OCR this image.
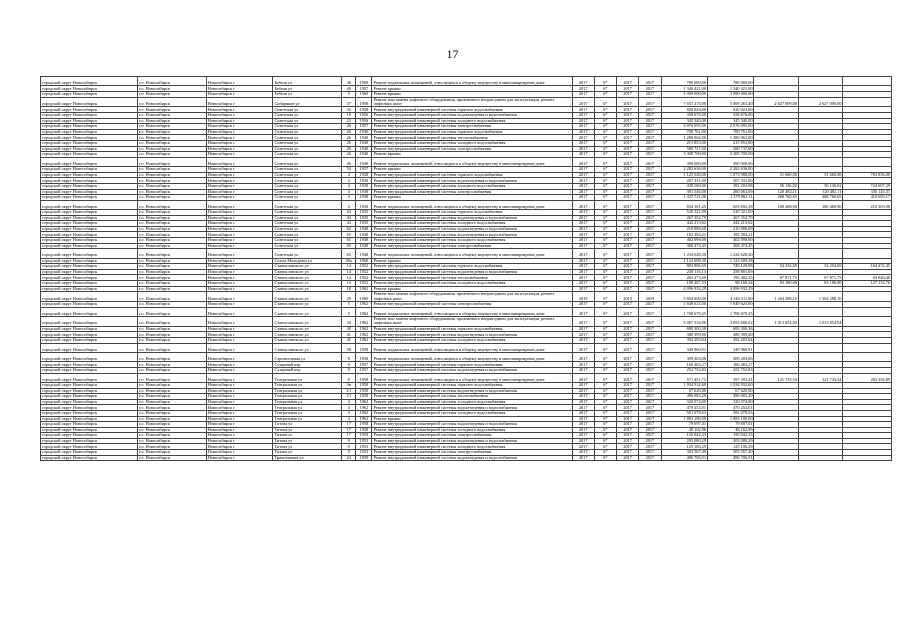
17
городской округ Новосибирск	г.о. Новосибирск	Новосибирск г	Бебеля ул	36	1968	Ремонт подвальных помещений, относящихся к общему имуществу в многоквартирном доме	2017	6*	2017	2017	780 000,00	780 000,00			
городской округ Новосибирск	г.о. Новосибирск	Новосибирск г	Бебеля ул	40	1957	Ремонт крыши	2017	6*	2017	2017	1 340 421,00	1 340 421,00			
городской округ Новосибирск	г.о. Новосибирск	Новосибирск г	Бебеля ул	5	1960	Ремонт крыши	2017	6*	2017	2017	3 090 000,00	3 090 000,00			
городской округ Новосибирск	г.о. Новосибирск	Новосибирск г	Сибиряков ул	37	1958	Ремонт или замена лифтового оборудования, признанного непригодным для эксплуатации, ремонт лифтовых шахт	2017	6*	2017	2017	7 637 270,00	5 009 261,40	2 627 009,00	2 627 009,00	
городской округ Новосибирск	г.о. Новосибирск	Новосибирск г	Советская ул	32	1958	Ремонт внутридомовой инженерной системы горячего водоснабжения	2017	6*	2017	2017	820 023,00	820 023,00			
городской округ Новосибирск	г.о. Новосибирск	Новосибирск г	Советская ул	18	1956	Ремонт внутридомовой инженерной системы водоотведения и водоснабжения	2017	6*	2017	2017	358 676,00	358 676,00			
городской округ Новосибирск	г.о. Новосибирск	Новосибирск г	Советская ул	23	1956	Ремонт внутридомовой инженерной системы холодного водоснабжения	2017	6*	2017	2017	345 340,00	345 340,00			
городской округ Новосибирск	г.о. Новосибирск	Новосибирск г	Советская ул	26	1957	Ремонт внутридомовой инженерной системы электроснабжения	2017	6*	2017	2017	2 076 095,00	2 076 095,00			
городской округ Новосибирск	г.о. Новосибирск	Новосибирск г	Советская ул	26	1940	Ремонт внутридомовой инженерной системы горячего водоснабжения	2017	6*	2017	2017	700 761,00	700 761,00			
городской округ Новосибирск	г.о. Новосибирск	Новосибирск г	Советская ул	26	1940	Ремонт внутридомовой инженерной системы теплоснабжения	2017	6*	2017	2017	1 280 962,00	1 280 962,00			
городской округ Новосибирск	г.о. Новосибирск	Новосибирск г	Советская ул	26	1940	Ремонт внутридомовой инженерной системы холодного водоснабжения	2017	6*	2017	2017	215 853,00	215 853,00			
городской округ Новосибирск	г.о. Новосибирск	Новосибирск г	Советская ул	26	1940	Ремонт внутридомовой инженерной системы электроснабжения	2017	6*	2017	2017	580 737,00	580 737,00			
городской округ Новосибирск	г.о. Новосибирск	Новосибирск г	Советская ул	26	1940	Ремонт крыши	2017	6*	2017	2017	3 308 700,00	3 308 700,00			
городской округ Новосибирск	г.о. Новосибирск	Новосибирск г	Советская ул	26	1940	Ремонт подвальных помещений, относящихся к общему имуществу в многоквартирном доме	2017	6*	2017	2017	390 000,00	390 000,00			
городской округ Новосибирск	г.о. Новосибирск	Новосибирск г	Советская ул	52	1957	Ремонт крыши	2017	6*	2017	2017	2 282 636,00	2 282 636,00			
городской округ Новосибирск	г.о. Новосибирск	Новосибирск г	Советская ул	4	1938	Ремонт внутридомовой инженерной системы горячего водоснабжения	2017	6*	2017	2017	1 125 640,00	1 073 980,00	51 660,00	51 660,00	703 856,00
городской округ Новосибирск	г.о. Новосибирск	Новосибирск г	Советская ул	4	1938	Ремонт внутридомовой инженерной системы водоотведения и водоснабжения	2017	6*	2017	2017	207 331,00	207 331,00			
городской округ Новосибирск	г.о. Новосибирск	Новосибирск г	Советская ул	4	1938	Ремонт внутридомовой инженерной системы холодного водоснабжения	2017	6*	2017	2017	438 560,00	382 203,98	56 136,02	56 136,02	724 607,29
городской округ Новосибирск	г.о. Новосибирск	Новосибирск г	Советская ул	4	1938	Ремонт внутридомовой инженерной системы электроснабжения	2017	6*	2017	2017	381 546,00	260 063,69	120 482,11	120 482,11	336 145,31
городской округ Новосибирск	г.о. Новосибирск	Новосибирск г	Советская ул	4	1938	Ремонт крыши	2017	6*	2017	2017	1 437 721,00	1 379 062,11	268 760,65	268 760,65	410 693,17
городской округ Новосибирск	г.о. Новосибирск	Новосибирск г	Советская ул	4	1938	Ремонт подвальных помещений, относящихся к общему имуществу в многоквартирном доме	2017	6*	2017	2017	834 161,25	653 692,38	180 468,90	180 468,90	210 303,96
городской округ Новосибирск	г.о. Новосибирск	Новосибирск г	Советская ул	44	1935	Ремонт внутридомовой инженерной системы горячего водоснабжения	2017	6*	2017	2017	520 321,00	520 321,00			
городской округ Новосибирск	г.о. Новосибирск	Новосибирск г	Советская ул	44	1935	Ремонт внутридомовой инженерной системы водоотведения и водоснабжения	2017	6*	2017	2017	267 352,79	267 352,79			
городской округ Новосибирск	г.о. Новосибирск	Новосибирск г	Советская ул	44	1935	Ремонт внутридомовой инженерной системы холодного водоснабжения	2017	6*	2017	2017	442 213,62	442 213,62			
городской округ Новосибирск	г.о. Новосибирск	Новосибирск г	Советская ул	62	1948	Ремонт внутридомовой инженерной системы водоотведения и водоснабжения	2017	6*	2017	2017	210 886,69	210 886,69			
городской округ Новосибирск	г.о. Новосибирск	Новосибирск г	Советская ул	65	1948	Ремонт внутридомовой инженерной системы водоотведения и водоснабжения	2017	6*	2017	2017	182 394,21	182 394,21			
городской округ Новосибирск	г.о. Новосибирск	Новосибирск г	Советская ул	65	1948	Ремонт внутридомовой инженерной системы холодного водоснабжения	2017	6*	2017	2017	402 098,00	402 098,00			
городской округ Новосибирск	г.о. Новосибирск	Новосибирск г	Советская ул	65	1948	Ремонт внутридомовой инженерной системы электроснабжения	2017	6*	2017	2017	368 474,45	368 474,45			
городской округ Новосибирск	г.о. Новосибирск	Новосибирск г	Советская ул	65	1948	Ремонт подвальных помещений, относящихся к общему имуществу в многоквартирном доме	2017	6*	2017	2017	1 234 628,30	1 234 628,30			
городской округ Новосибирск	г.о. Новосибирск	Новосибирск г	Союза Молодежи ул	26а	1960	Ремонт крыши	2017	6*	2017	2017	1 123 609,38	1 123 609,38			
городской округ Новосибирск	г.о. Новосибирск	Новосибирск г	Станиславского ул	14	1952	Ремонт внутридомовой инженерной системы горячего водоснабжения	2017	6*	2017	2017	803 806,59	749 128,98	54 254,69	54 254,69	164 472,45
городской округ Новосибирск	г.о. Новосибирск	Новосибирск г	Станиславского ул	14	1952	Ремонт внутридомовой инженерной системы водоотведения и водоснабжения	2017	6*	2017	2017	258 116,14	258 801,69			
городской округ Новосибирск	г.о. Новосибирск	Новосибирск г	Станиславского ул	14	1952	Ремонт внутридомовой инженерной системы теплоснабжения	2017	6*	2017	2017	263 273,00	195 402,25	67 871,75	67 871,75	63 040,40
городской округ Новосибирск	г.о. Новосибирск	Новосибирск г	Станиславского ул	14	1952	Ремонт внутридомовой инженерной системы холодного водоснабжения	2017	6*	2017	2017	198 207,53	98 168,24	83 180,00	83 180,00	127 133,76
городской округ Новосибирск	г.о. Новосибирск	Новосибирск г	Станиславского ул	18	1962	Ремонт крыши	2017	6*	2017	2017	4 096 932,29	4 096 932,29			
городской округ Новосибирск	г.о. Новосибирск	Новосибирск г	Станиславского ул	29	1960	Ремонт или замена лифтового оборудования, признанного непригодным для эксплуатации, ремонт лифтовых шахт	2019	6*	2019	2019	5 604 600,00	4 340 311,90	1 264 288,10	1 264 288,10	
городской округ Новосибирск	г.о. Новосибирск	Новосибирск г	Станиславского ул	5	1962	Ремонт внутридомовой инженерной системы электроснабжения	2017	6*	2017	2017	1 849 623,00	1 849 623,00			
городской округ Новосибирск	г.о. Новосибирск	Новосибирск г	Станиславского ул	5	1962	Ремонт подвальных помещений, относящихся к общему имуществу в многоквартирном доме	2017	6*	2017	2017	1 708 670,25	1 708 670,25			
городской округ Новосибирск	г.о. Новосибирск	Новосибирск г	Станиславского ул	34	1962	Ремонт или замена лифтового оборудования, признанного непригодным для эксплуатации, ремонт лифтовых шахт	2017	6*	2017	2017	5 067 534,96	3 053 680,02	1 013 854,94	1 013 854,94	
городской округ Новосибирск	г.о. Новосибирск	Новосибирск г	Станиславского ул	40	1962	Ремонт внутридомовой инженерной системы горячего водоснабжения	2017	6*	2017	2017	699 300,38	699 300,38			
городской округ Новосибирск	г.о. Новосибирск	Новосибирск г	Станиславского ул	41	1962	Ремонт внутридомовой инженерной системы водоотведения и водоснабжения	2017	6*	2017	2017	380 399,00	380 399,00			
городской округ Новосибирск	г.о. Новосибирск	Новосибирск г	Станиславского ул	41	1962	Ремонт внутридомовой инженерной системы холодного водоснабжения	2017	6*	2017	2017	392 203,64	392 203,64			
городской округ Новосибирск	г.о. Новосибирск	Новосибирск г	Станиславского ул	58	1958	Ремонт подвальных помещений, относящихся к общему имуществу в многоквартирном доме	2017	6*	2017	2017	349 960,91	349 960,91			
городской округ Новосибирск	г.о. Новосибирск	Новосибирск г	Строительная ул	8	1958	Ремонт подвальных помещений, относящихся к общему имуществу в многоквартирном доме	2017	6*	2017	2017	309 203,06	309 203,06			
городской округ Новосибирск	г.о. Новосибирск	Новосибирск г	Сухарный пер	9	1957	Ремонт внутридомовой инженерной системы горячего водоснабжения	2017	6*	2017	2017	160 463,27	160 463,27			
городской округ Новосибирск	г.о. Новосибирск	Новосибирск г	Сухарный пер	9	1957	Ремонт внутридомовой инженерной системы водоотведения и водоснабжения	2017	6*	2017	2017	252 752,83	252 752,83			
городской округ Новосибирск	г.о. Новосибирск	Новосибирск г	Театральная ул	9	1958	Ремонт подвальных помещений, относящихся к общему имуществу в многоквартирном доме	2017	6*	2017	2017	571 451,71	397 291,21	121 733,54	121 733,54	282 392,89
городской округ Новосибирск	г.о. Новосибирск	Новосибирск г	Театральная ул	3в	1958	Ремонт внутридомовой инженерной системы горячего водоснабжения	2017	6*	2017	2017	1 034 932,60	1 034 932,60			
городской округ Новосибирск	г.о. Новосибирск	Новосибирск г	Театральная ул	1/1	1950	Ремонт внутридомовой инженерной системы водоотведения и водоснабжения	2017	6*	2017	2017	67 620,00	67 620,00			
городской округ Новосибирск	г.о. Новосибирск	Новосибирск г	Театральная ул	1/1	1958	Ремонт внутридомовой инженерной системы теплоснабжения	2017	6*	2017	2017	496 083,20	496 083,20			
городской округ Новосибирск	г.о. Новосибирск	Новосибирск г	Театральная ул	4	1962	Ремонт внутридомовой инженерной системы холодного водоснабжения	2017	6*	2017	2017	320 074,00	320 074,00			
городской округ Новосибирск	г.о. Новосибирск	Новосибирск г	Театральная ул	4	1962	Ремонт внутридомовой инженерной системы водоотведения и водоснабжения	2017	6*	2017	2017	470 254,01	470 254,01			
городской округ Новосибирск	г.о. Новосибирск	Новосибирск г	Театральная ул	4	1962	Ремонт внутридомовой инженерной системы холодного водоснабжения	2017	6*	2017	2017	581 078,63	581 078,63			
городской округ Новосибирск	г.о. Новосибирск	Новосибирск г	Театральная ул	4	1962	Ремонт крыши	2017	6*	2017	2017	1 883 180,00	1 883 180,00			
городской округ Новосибирск	г.о. Новосибирск	Новосибирск г	Титова ул	17	1958	Ремонт внутридомовой инженерной системы водоотведения и водоснабжения	2017	6*	2017	2017	79 697,01	79 697,01			
городской округ Новосибирск	г.о. Новосибирск	Новосибирск г	Титова ул	17	1958	Ремонт внутридомовой инженерной системы холодного водоснабжения	2017	6*	2017	2017	48 162,96	48 162,96			
городской округ Новосибирск	г.о. Новосибирск	Новосибирск г	Титова ул	17	1958	Ремонт внутридомовой инженерной системы электроснабжения	2017	6*	2017	2017	150 042,33	150 042,33			
городской округ Новосибирск	г.о. Новосибирск	Новосибирск г	Титова ул	9	1953	Ремонт внутридомовой инженерной системы водоотведения и водоснабжения	2017	6*	2017	2017	203 080,29	203 080,29			
городской округ Новосибирск	г.о. Новосибирск	Новосибирск г	Титова ул	9	1953	Ремонт внутридомовой инженерной системы холодного водоснабжения	2017	6*	2017	2017	125 106,29	125 106,29			
городской округ Новосибирск	г.о. Новосибирск	Новосибирск г	Титова ул	9	1953	Ремонт внутридомовой инженерной системы электроснабжения	2017	6*	2017	2017	303 567,40	303 567,40			
городской округ Новосибирск	г.о. Новосибирск	Новосибирск г	Трикотажная ул	24	1959	Ремонт внутридомовой инженерной системы водоотведения и водоснабжения	2017	6*	2017	2017	496 706,51	496 706,51			
